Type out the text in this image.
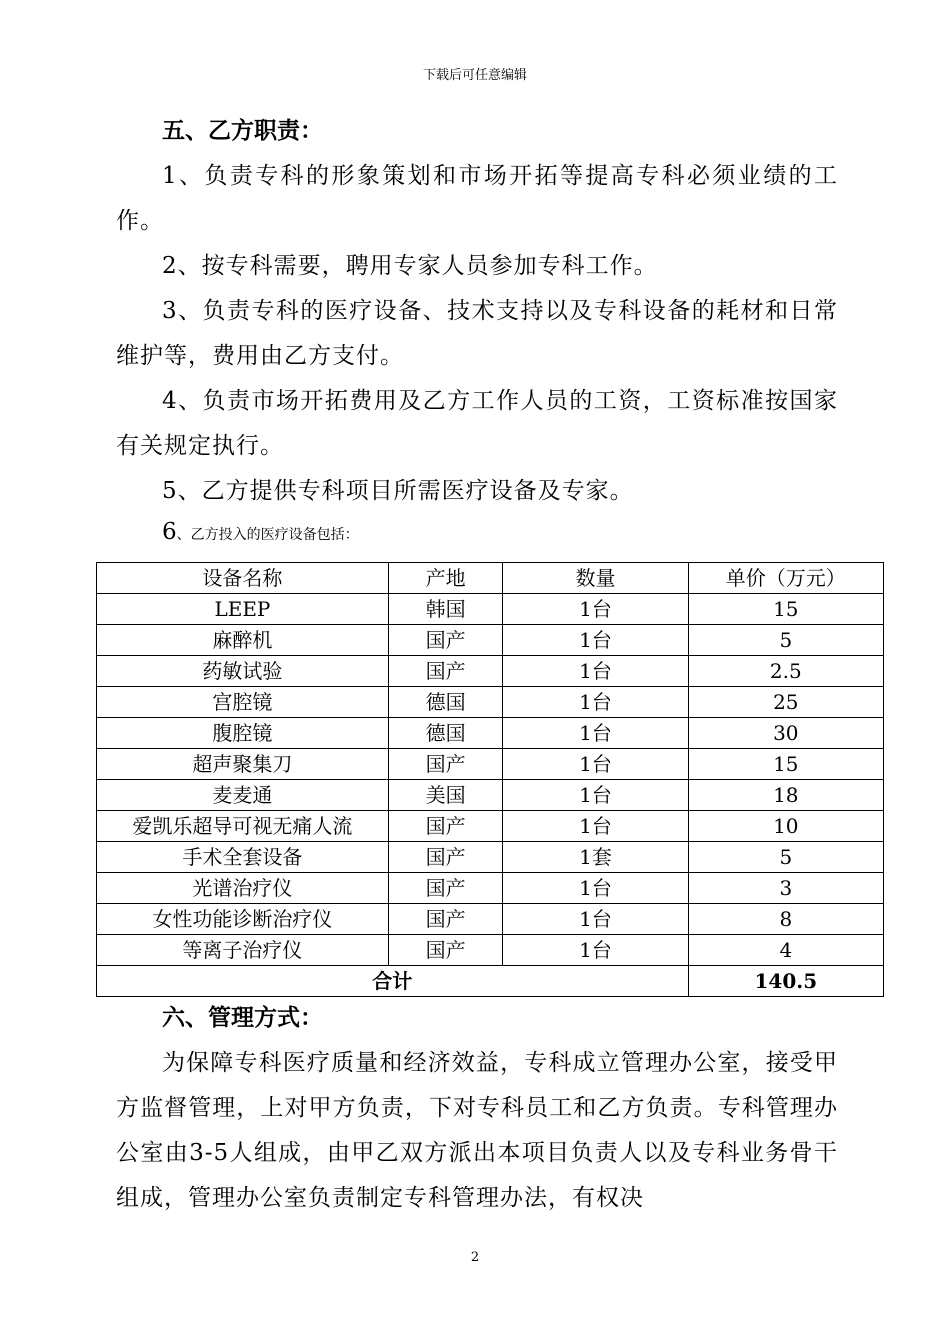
下载后可任意编辑

五、乙方职责：

1、负责专科的形象策划和市场开拓等提高专科必须业绩的工作。

2、按专科需要，聘用专家人员参加专科工作。

3、负责专科的医疗设备、技术支持以及专科设备的耗材和日常维护等，费用由乙方支付。

4、负责市场开拓费用及乙方工作人员的工资，工资标准按国家有关规定执行。

5、乙方提供专科项目所需医疗设备及专家。

6、乙方投入的医疗设备包括：

设备名称	产地	数量	单价（万元）
LEEP	韩国	1台	15
麻醉机	国产	1台	5
药敏试验	国产	1台	2.5
宫腔镜	德国	1台	25
腹腔镜	德国	1台	30
超声聚集刀	国产	1台	15
麦麦通	美国	1台	18
爱凯乐超导可视无痛人流	国产	1台	10
手术全套设备	国产	1套	5
光谱治疗仪	国产	1台	3
女性功能诊断治疗仪	国产	1台	8
等离子治疗仪	国产	1台	4
合计			140.5

六、管理方式：

为保障专科医疗质量和经济效益，专科成立管理办公室，接受甲方监督管理，上对甲方负责，下对专科员工和乙方负责。专科管理办公室由3-5人组成，由甲乙双方派出本项目负责人以及专科业务骨干组成，管理办公室负责制定专科管理办法，有权决

2
